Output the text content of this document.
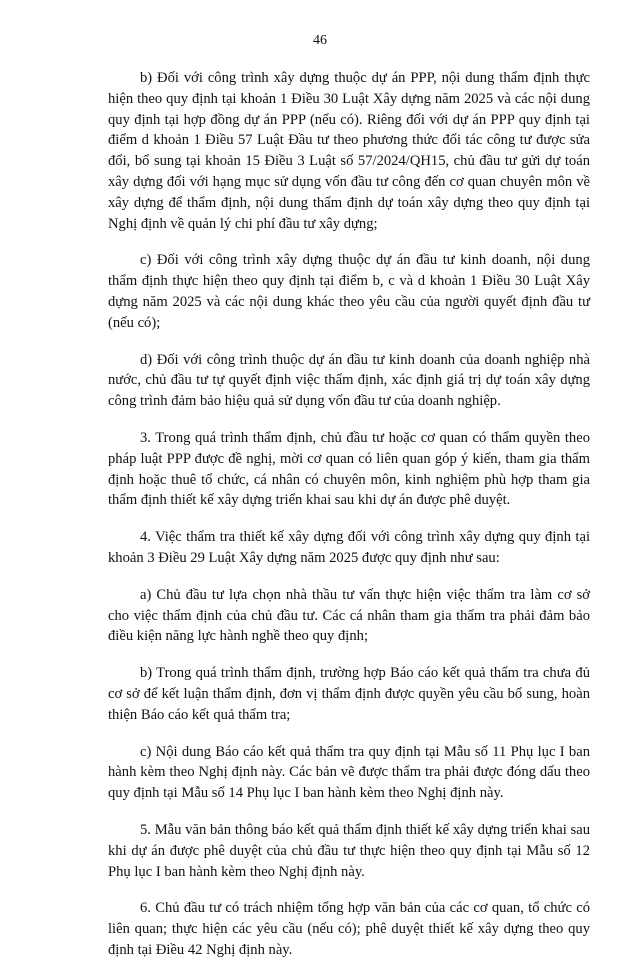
46

b) Đối với công trình xây dựng thuộc dự án PPP, nội dung thẩm định thực hiện theo quy định tại khoản 1 Điều 30 Luật Xây dựng năm 2025 và các nội dung quy định tại hợp đồng dự án PPP (nếu có). Riêng đối với dự án PPP quy định tại điểm d khoản 1 Điều 57 Luật Đầu tư theo phương thức đối tác công tư được sửa đổi, bổ sung tại khoản 15 Điều 3 Luật số 57/2024/QH15, chủ đầu tư gửi dự toán xây dựng đối với hạng mục sử dụng vốn đầu tư công đến cơ quan chuyên môn về xây dựng để thẩm định, nội dung thẩm định dự toán xây dựng theo quy định tại Nghị định về quản lý chi phí đầu tư xây dựng;

c) Đối với công trình xây dựng thuộc dự án đầu tư kinh doanh, nội dung thẩm định thực hiện theo quy định tại điểm b, c và d khoản 1 Điều 30 Luật Xây dựng năm 2025 và các nội dung khác theo yêu cầu của người quyết định đầu tư (nếu có);

d) Đối với công trình thuộc dự án đầu tư kinh doanh của doanh nghiệp nhà nước, chủ đầu tư tự quyết định việc thẩm định, xác định giá trị dự toán xây dựng công trình đảm bảo hiệu quả sử dụng vốn đầu tư của doanh nghiệp.

3. Trong quá trình thẩm định, chủ đầu tư hoặc cơ quan có thẩm quyền theo pháp luật PPP được đề nghị, mời cơ quan có liên quan góp ý kiến, tham gia thẩm định hoặc thuê tổ chức, cá nhân có chuyên môn, kinh nghiệm phù hợp tham gia thẩm định thiết kế xây dựng triển khai sau khi dự án được phê duyệt.

4. Việc thẩm tra thiết kế xây dựng đối với công trình xây dựng quy định tại khoản 3 Điều 29 Luật Xây dựng năm 2025 được quy định như sau:

a) Chủ đầu tư lựa chọn nhà thầu tư vấn thực hiện việc thẩm tra làm cơ sở cho việc thẩm định của chủ đầu tư. Các cá nhân tham gia thẩm tra phải đảm bảo điều kiện năng lực hành nghề theo quy định;

b) Trong quá trình thẩm định, trường hợp Báo cáo kết quả thẩm tra chưa đủ cơ sở để kết luận thẩm định, đơn vị thẩm định được quyền yêu cầu bổ sung, hoàn thiện Báo cáo kết quả thẩm tra;

c) Nội dung Báo cáo kết quả thẩm tra quy định tại Mẫu số 11 Phụ lục I ban hành kèm theo Nghị định này. Các bản vẽ được thẩm tra phải được đóng dấu theo quy định tại Mẫu số 14 Phụ lục I ban hành kèm theo Nghị định này.

5. Mẫu văn bản thông báo kết quả thẩm định thiết kế xây dựng triển khai sau khi dự án được phê duyệt của chủ đầu tư thực hiện theo quy định tại Mẫu số 12 Phụ lục I ban hành kèm theo Nghị định này.

6. Chủ đầu tư có trách nhiệm tổng hợp văn bản của các cơ quan, tổ chức có liên quan; thực hiện các yêu cầu (nếu có); phê duyệt thiết kế xây dựng theo quy định tại Điều 42 Nghị định này.
